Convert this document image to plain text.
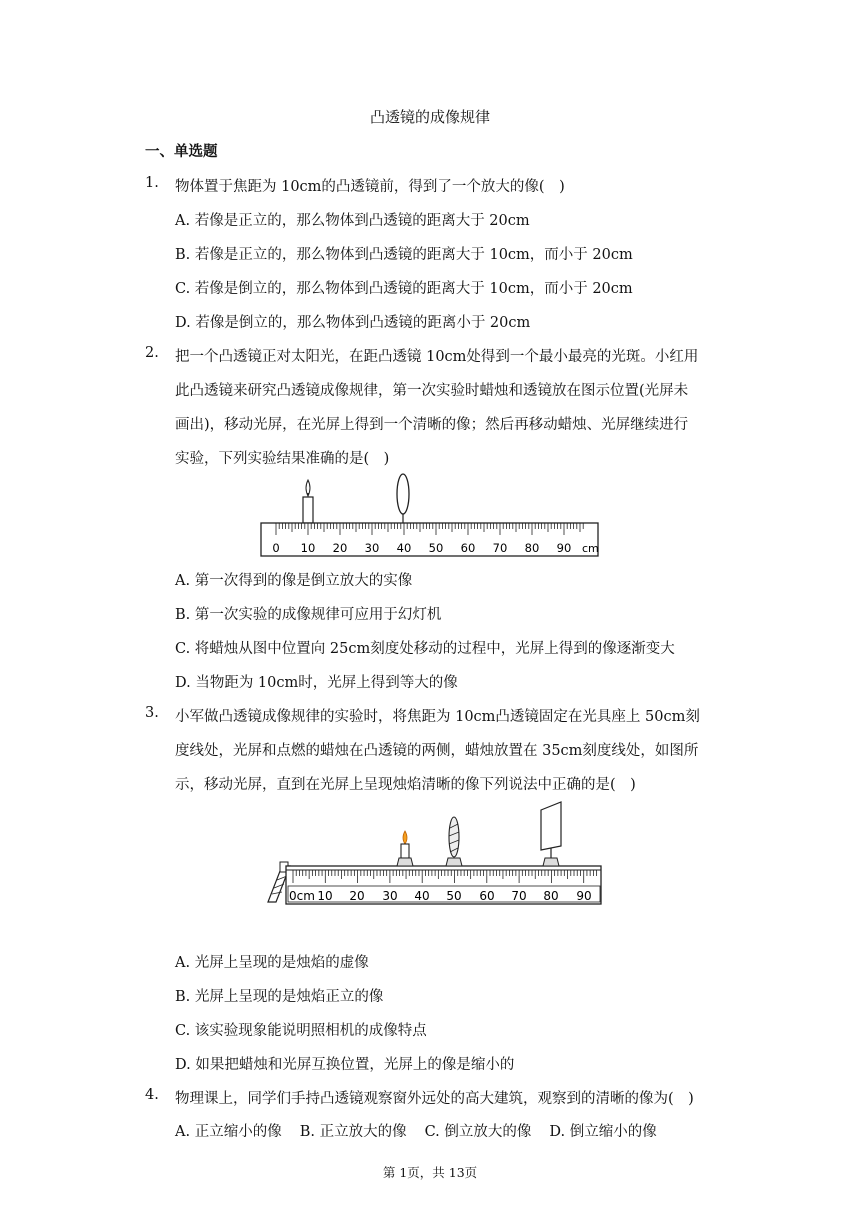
凸透镜的成像规律
一、单选题
1. 物体置于焦距为 10cm的凸透镜前，得到了一个放大的像(　)
A. 若像是正立的，那么物体到凸透镜的距离大于 20cm
B. 若像是正立的，那么物体到凸透镜的距离大于 10cm，而小于 20cm
C. 若像是倒立的，那么物体到凸透镜的距离大于 10cm，而小于 20cm
D. 若像是倒立的，那么物体到凸透镜的距离小于 20cm
2. 把一个凸透镜正对太阳光，在距凸透镜 10cm处得到一个最小最亮的光斑。小红用
此凸透镜来研究凸透镜成像规律，第一次实验时蜡烛和透镜放在图示位置(光屏未
画出)，移动光屏，在光屏上得到一个清晰的像；然后再移动蜡烛、光屏继续进行
实验，下列实验结果准确的是(　)
0 10 20 30 40 50 60 70 80 90 cm
A. 第一次得到的像是倒立放大的实像
B. 第一次实验的成像规律可应用于幻灯机
C. 将蜡烛从图中位置向 25cm刻度处移动的过程中，光屏上得到的像逐渐变大
D. 当物距为 10cm时，光屏上得到等大的像
3. 小军做凸透镜成像规律的实验时，将焦距为 10cm凸透镜固定在光具座上 50cm刻
度线处，光屏和点燃的蜡烛在凸透镜的两侧，蜡烛放置在 35cm刻度线处，如图所
示，移动光屏，直到在光屏上呈现烛焰清晰的像下列说法中正确的是(　)
0cm 10 20 30 40 50 60 70 80 90
A. 光屏上呈现的是烛焰的虚像
B. 光屏上呈现的是烛焰正立的像
C. 该实验现象能说明照相机的成像特点
D. 如果把蜡烛和光屏互换位置，光屏上的像是缩小的
4. 物理课上，同学们手持凸透镜观察窗外远处的高大建筑，观察到的清晰的像为(　)
A. 正立缩小的像 B. 正立放大的像 C. 倒立放大的像 D. 倒立缩小的像
第 1页，共 13页
